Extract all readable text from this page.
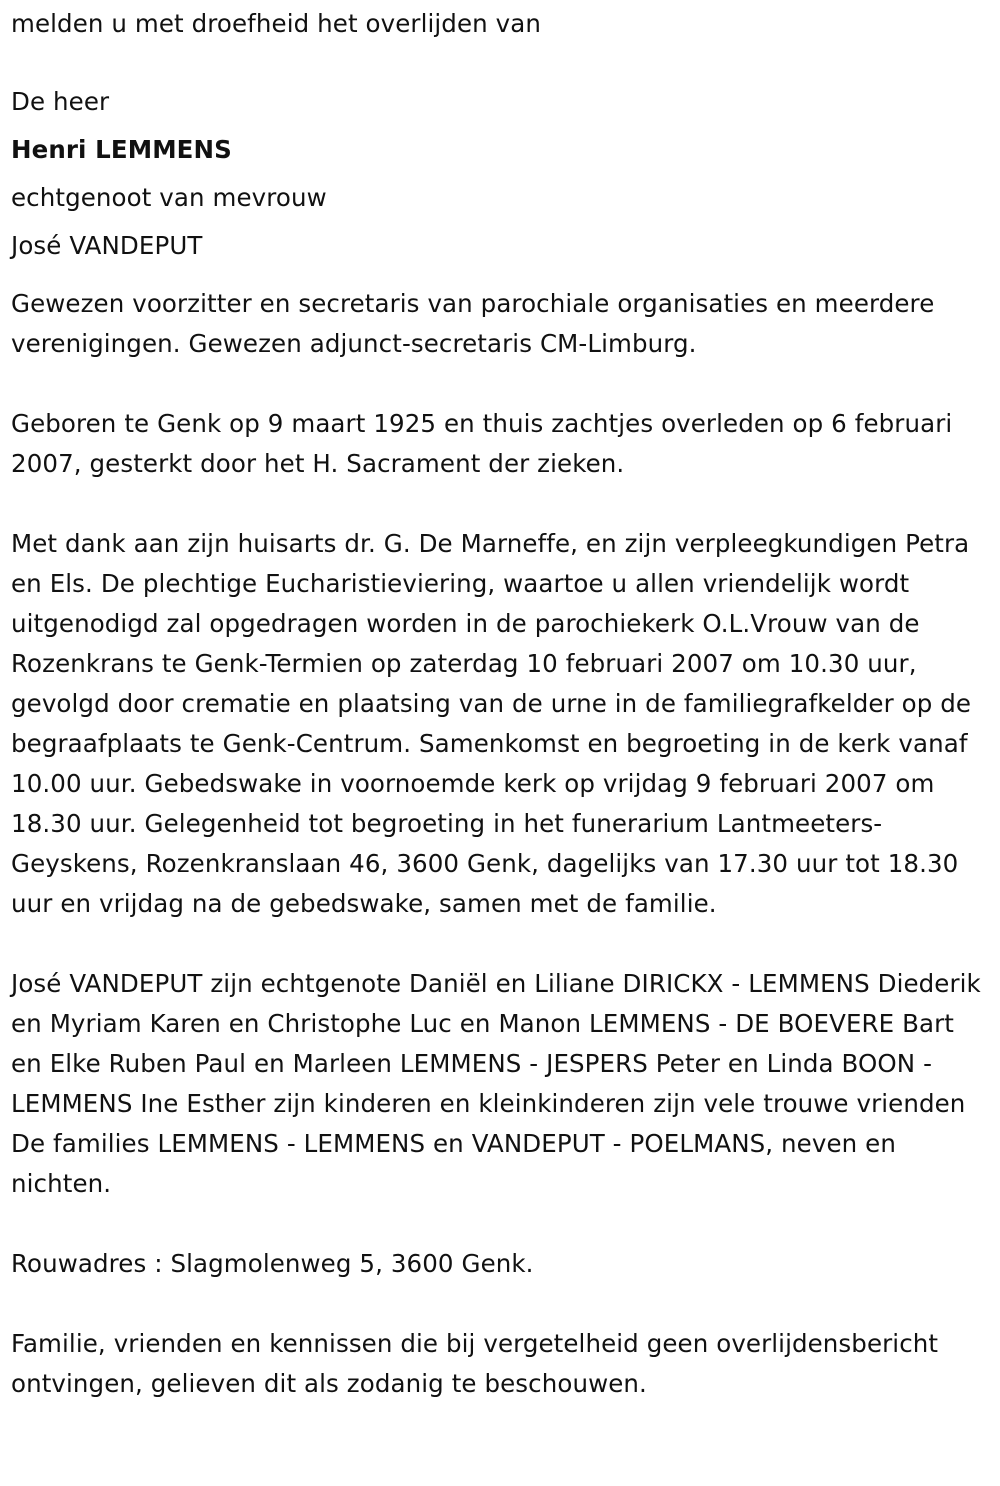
melden u met droefheid het overlijden van

De heer

Henri LEMMENS

echtgenoot van mevrouw

José VANDEPUT

Gewezen voorzitter en secretaris van parochiale organisaties en meerdere verenigingen. Gewezen adjunct-secretaris CM-Limburg.

Geboren te Genk op 9 maart 1925 en thuis zachtjes overleden op 6 februari 2007, gesterkt door het H. Sacrament der zieken.

Met dank aan zijn huisarts dr. G. De Marneffe, en zijn verpleegkundigen Petra en Els. De plechtige Eucharistieviering, waartoe u allen vriendelijk wordt uitgenodigd zal opgedragen worden in de parochiekerk O.L.Vrouw van de Rozenkrans te Genk-Termien op zaterdag 10 februari 2007 om 10.30 uur, gevolgd door crematie en plaatsing van de urne in de familiegrafkelder op de begraafplaats te Genk-Centrum. Samenkomst en begroeting in de kerk vanaf 10.00 uur. Gebedswake in voornoemde kerk op vrijdag 9 februari 2007 om 18.30 uur. Gelegenheid tot begroeting in het funerarium Lantmeeters-Geyskens, Rozenkranslaan 46, 3600 Genk, dagelijks van 17.30 uur tot 18.30 uur en vrijdag na de gebedswake, samen met de familie.

José VANDEPUT zijn echtgenote Daniël en Liliane DIRICKX - LEMMENS Diederik en Myriam Karen en Christophe Luc en Manon LEMMENS - DE BOEVERE Bart en Elke Ruben Paul en Marleen LEMMENS - JESPERS Peter en Linda BOON - LEMMENS Ine Esther zijn kinderen en kleinkinderen zijn vele trouwe vrienden De families LEMMENS - LEMMENS en VANDEPUT - POELMANS, neven en nichten.

Rouwadres : Slagmolenweg 5, 3600 Genk.

Familie, vrienden en kennissen die bij vergetelheid geen overlijdensbericht ontvingen, gelieven dit als zodanig te beschouwen.
